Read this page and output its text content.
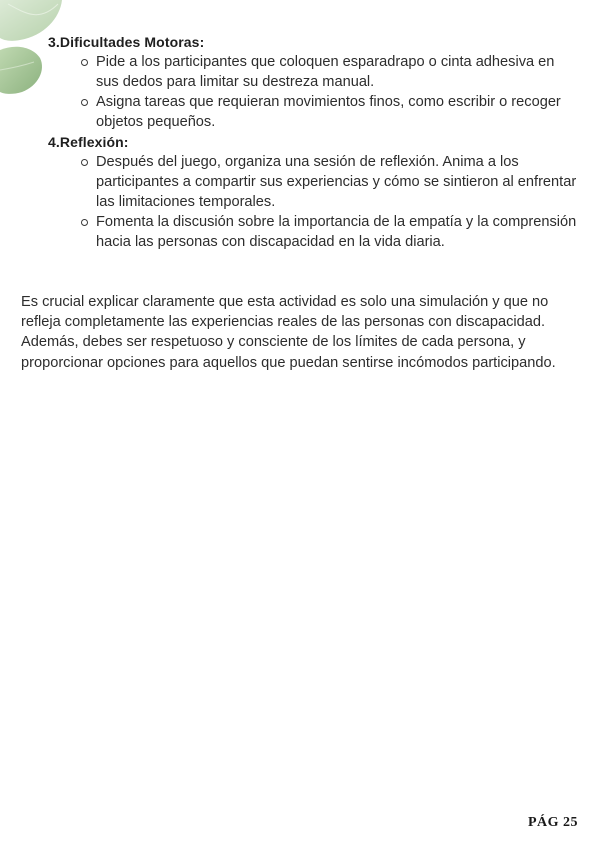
3.Dificultades Motoras:
Pide a los participantes que coloquen esparadrapo o cinta adhesiva en sus dedos para limitar su destreza manual.
Asigna tareas que requieran movimientos finos, como escribir o recoger objetos pequeños.
4.Reflexión:
Después del juego, organiza una sesión de reflexión. Anima a los participantes a compartir sus experiencias y cómo se sintieron al enfrentar las limitaciones temporales.
Fomenta la discusión sobre la importancia de la empatía y la comprensión hacia las personas con discapacidad en la vida diaria.

Es crucial explicar claramente que esta actividad es solo una simulación y que no refleja completamente las experiencias reales de las personas con discapacidad.

Además, debes ser respetuoso y consciente de los límites de cada persona, y proporcionar opciones para aquellos que puedan sentirse incómodos participando.

PÁG 25
